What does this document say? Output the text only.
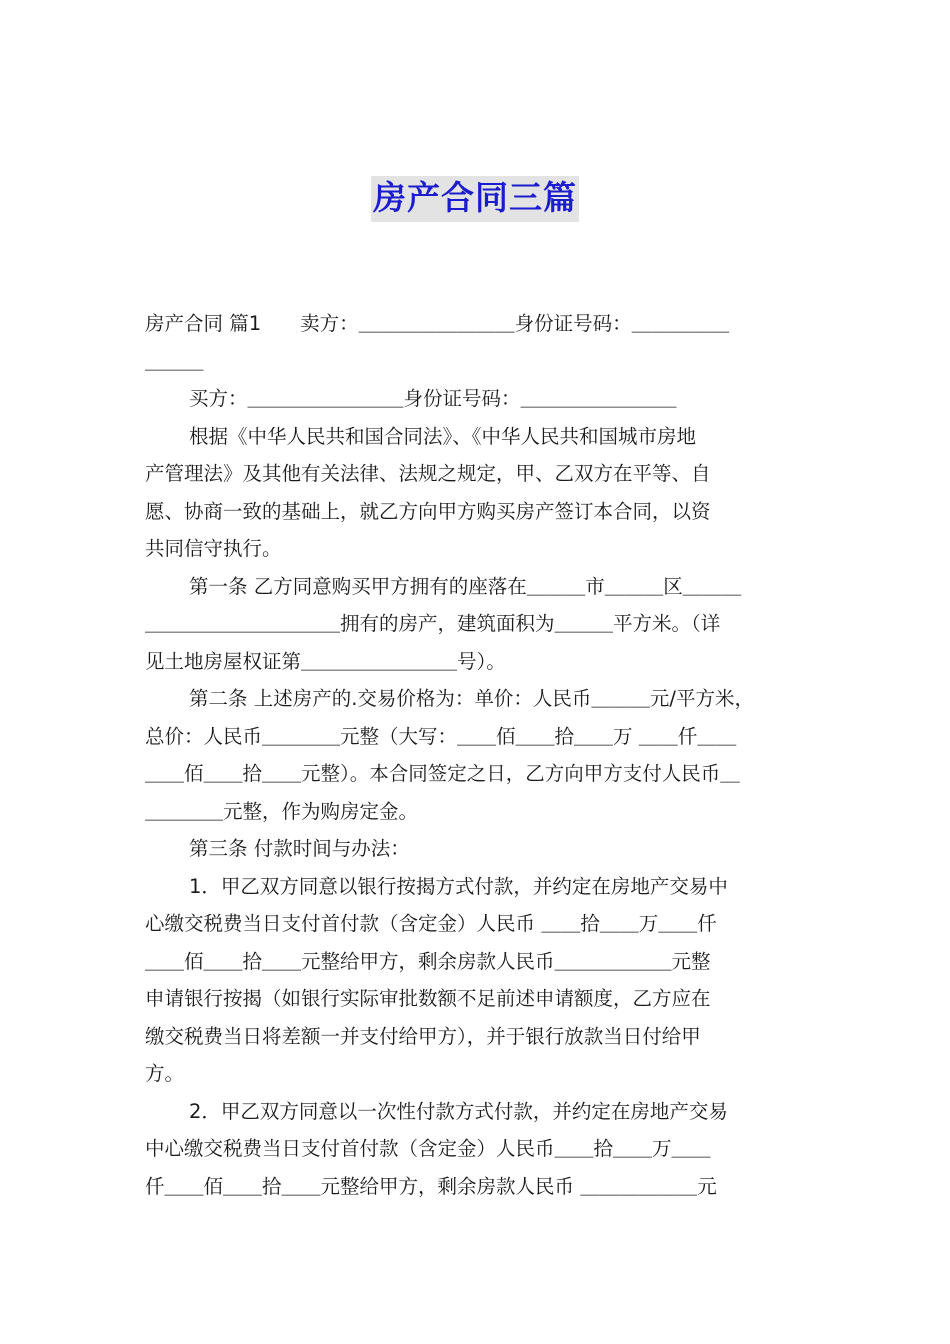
房产合同三篇
房产合同 篇1　　卖方：＿＿＿＿＿＿＿＿身份证号码：＿＿＿＿＿
＿＿＿
买方：＿＿＿＿＿＿＿＿身份证号码：＿＿＿＿＿＿＿＿
根据《中华人民共和国合同法》、《中华人民共和国城市房地
产管理法》及其他有关法律、法规之规定，甲、乙双方在平等、自
愿、协商一致的基础上，就乙方向甲方购买房产签订本合同，以资
共同信守执行。
第一条 乙方同意购买甲方拥有的座落在＿＿＿市＿＿＿区＿＿＿
＿＿＿＿＿＿＿＿＿＿拥有的房产，建筑面积为＿＿＿平方米。（详
见土地房屋权证第＿＿＿＿＿＿＿＿号）。
第二条 上述房产的.交易价格为：单价：人民币＿＿＿元/平方米，
总价：人民币＿＿＿＿元整（大写：＿＿佰＿＿拾＿＿万 ＿＿仟＿＿
＿＿佰＿＿拾＿＿元整）。本合同签定之日，乙方向甲方支付人民币＿
＿＿＿＿元整，作为购房定金。
第三条 付款时间与办法：
1．甲乙双方同意以银行按揭方式付款，并约定在房地产交易中
心缴交税费当日支付首付款（含定金）人民币 ＿＿拾＿＿万＿＿仟
＿＿佰＿＿拾＿＿元整给甲方，剩余房款人民币＿＿＿＿＿＿元整
申请银行按揭（如银行实际审批数额不足前述申请额度，乙方应在
缴交税费当日将差额一并支付给甲方），并于银行放款当日付给甲
方。
2．甲乙双方同意以一次性付款方式付款，并约定在房地产交易
中心缴交税费当日支付首付款（含定金）人民币＿＿拾＿＿万＿＿
仟＿＿佰＿＿拾＿＿元整给甲方，剩余房款人民币 ＿＿＿＿＿＿元
